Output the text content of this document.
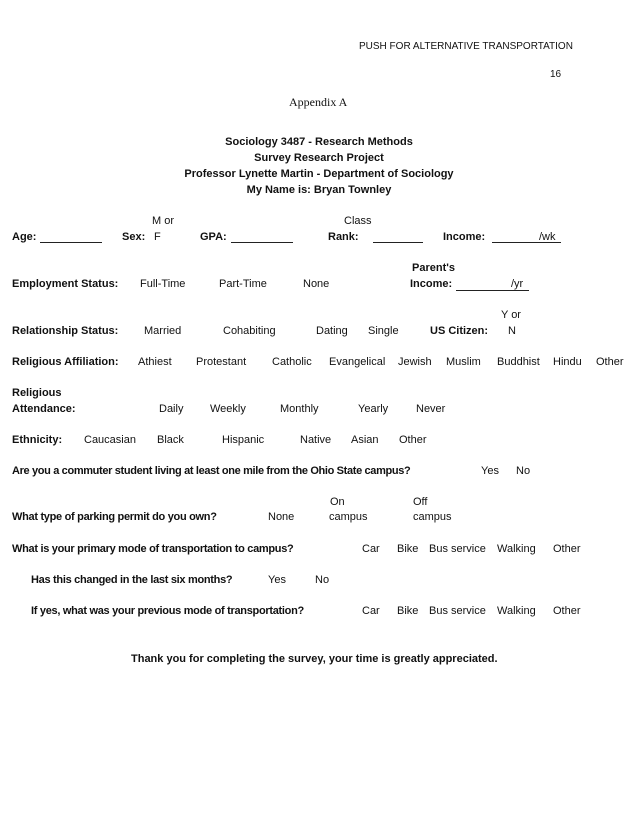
PUSH FOR ALTERNATIVE TRANSPORTATION
16
Appendix A
Sociology 3487 - Research Methods
Survey Research Project
Professor Lynette Martin - Department of Sociology
My Name is: Bryan Townley
M or	Class
Age:	Sex: F	GPA:	Rank:	Income:	/wk
Parent's
Employment Status: Full-Time	Part-Time	None	Income:	/yr
Y or
Relationship Status: Married	Cohabiting	Dating Single	US Citizen: N
Religious Affiliation: Athiest Protestant Catholic Evangelical Jewish Muslim Buddhist Hindu Other
Religious
Attendance:	Daily Weekly	Monthly	Yearly	Never
Ethnicity: Caucasian Black	Hispanic	Native Asian Other
Are you a commuter student living at least one mile from the Ohio State campus?	Yes No
On	Off
What type of parking permit do you own?	None	campus	campus
What is your primary mode of transportation to campus?	Car Bike Bus service Walking Other
Has this changed in the last six months?	Yes	No
If yes, what was your previous mode of transportation?	Car Bike Bus service Walking Other
Thank you for completing the survey, your time is greatly appreciated.
